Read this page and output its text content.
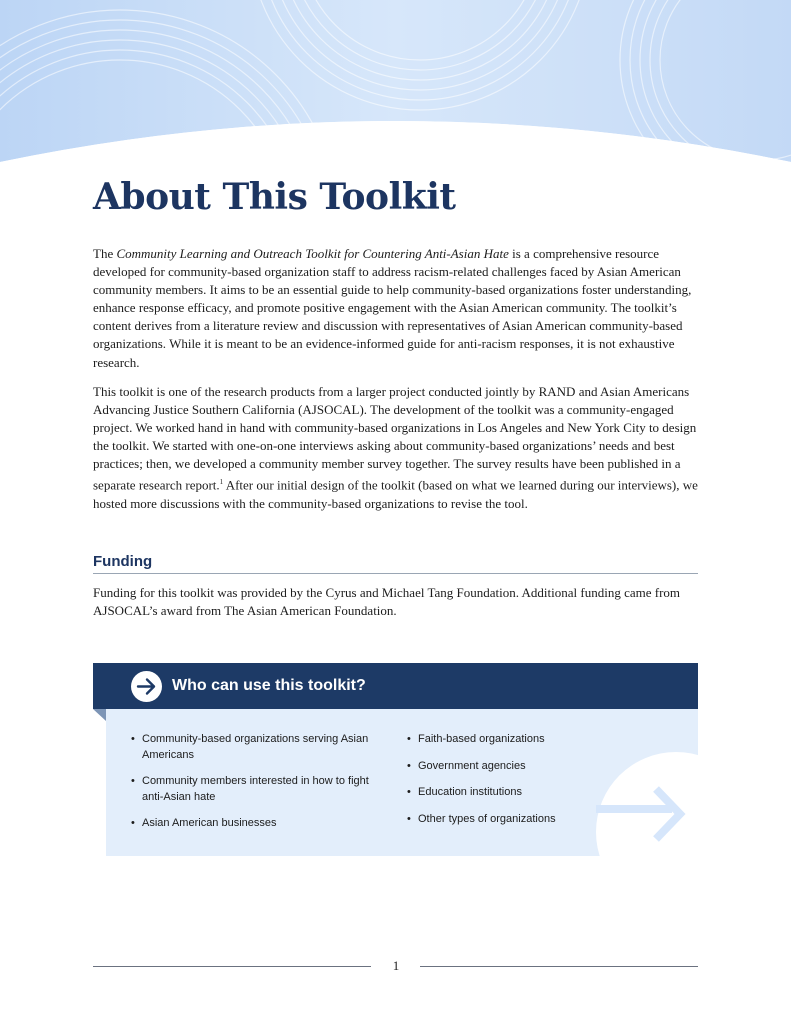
About This Toolkit

The Community Learning and Outreach Toolkit for Countering Anti-Asian Hate is a comprehensive resource developed for community-based organization staff to address racism-related challenges faced by Asian American community members. It aims to be an essential guide to help community-based organizations foster understanding, enhance response efficacy, and promote positive engagement with the Asian American community. The toolkit’s content derives from a literature review and discussion with representatives of Asian American community-based organizations. While it is meant to be an evidence-informed guide for anti-racism responses, it is not exhaustive research.

This toolkit is one of the research products from a larger project conducted jointly by RAND and Asian Americans Advancing Justice Southern California (AJSOCAL). The development of the toolkit was a community-engaged project. We worked hand in hand with community-based organizations in Los Angeles and New York City to design the toolkit. We started with one-on-one interviews asking about community-based organizations’ needs and best practices; then, we developed a community member survey together. The survey results have been published in a separate research report.$^1$ After our initial design of the toolkit (based on what we learned during our interviews), we hosted more discussions with the community-based organizations to revise the tool.

Funding

Funding for this toolkit was provided by the Cyrus and Michael Tang Foundation. Additional funding came from AJSOCAL’s award from The Asian American Foundation.

Who can use this toolkit?
• Community-based organizations serving Asian Americans
• Community members interested in how to fight anti-Asian hate
• Asian American businesses
• Faith-based organizations
• Government agencies
• Education institutions
• Other types of organizations
1
